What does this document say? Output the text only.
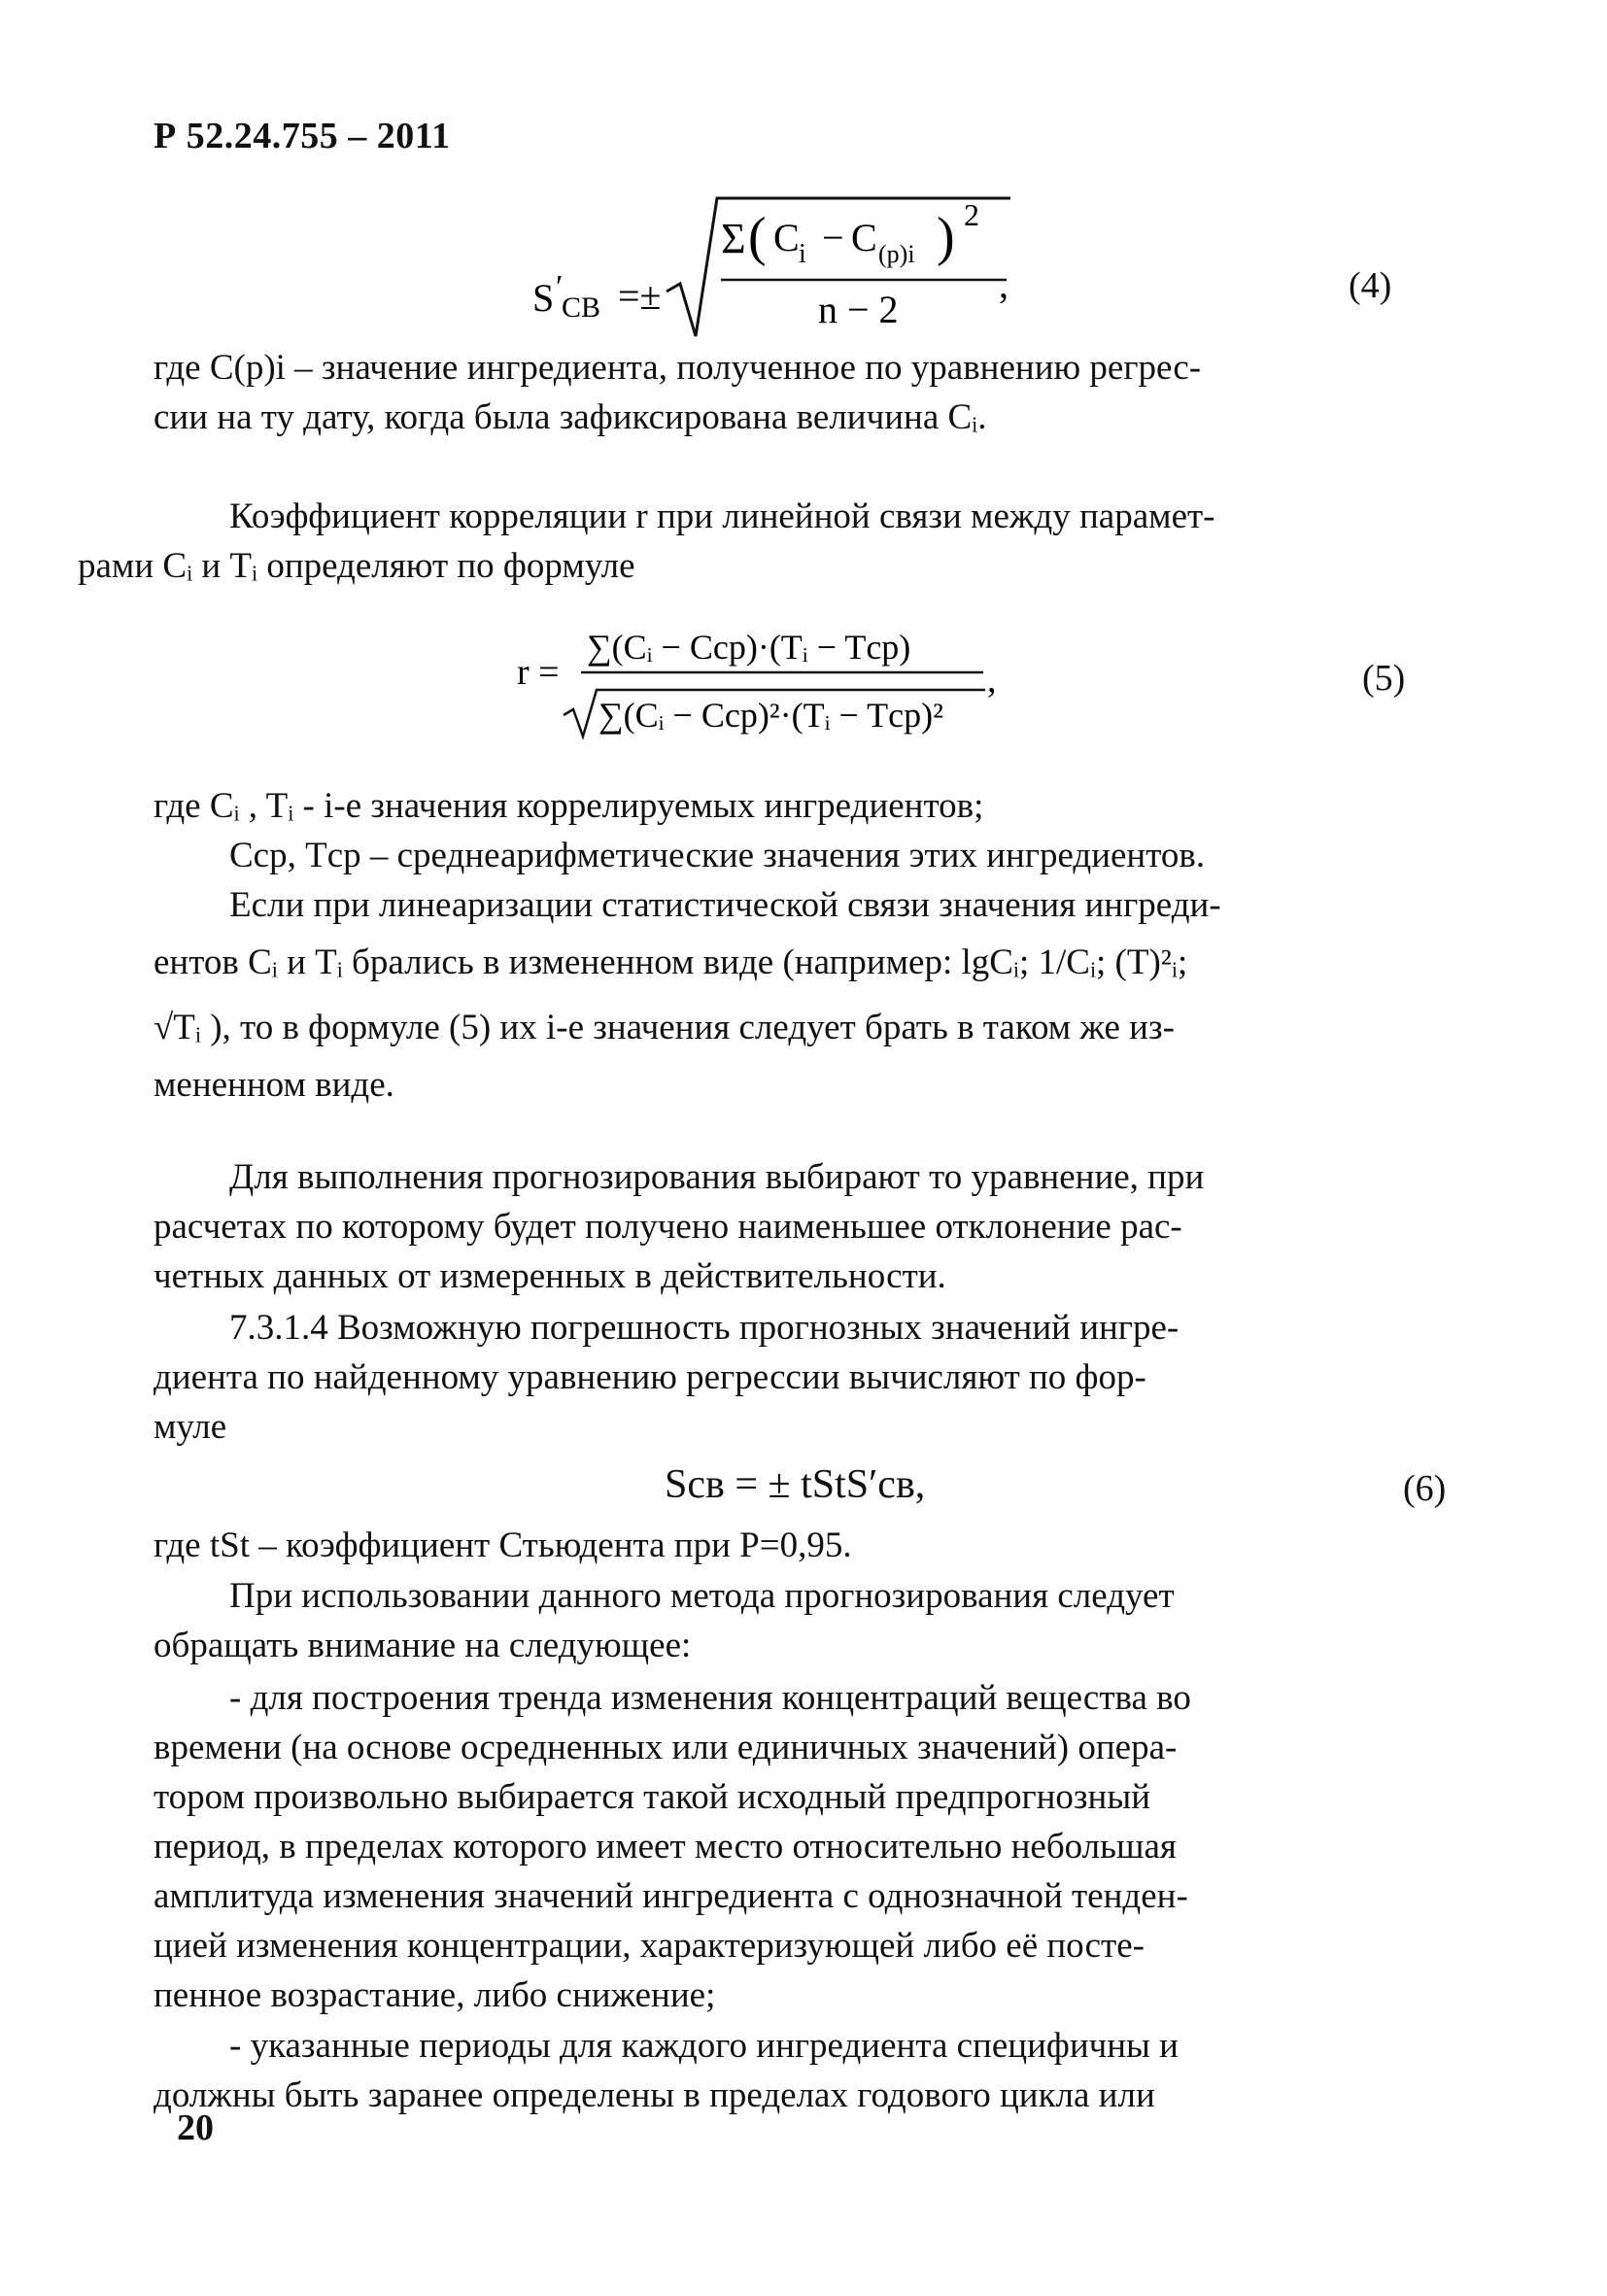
Р 52.24.755 – 2011
S ′
СВ =±
Σ ( C i − C (р)i ) 2
n − 2
,	(4)
где C(р)i – значение ингредиента, полученное по уравнению регрес-
сии на ту дату, когда была зафиксирована величина Cᵢ.
Коэффициент корреляции r при линейной связи между парамет-
рами Cᵢ и Tᵢ определяют по формуле
r =
∑(Cᵢ − Cср)·(Tᵢ − Tср)
∑(Cᵢ − Cср)²·(Tᵢ − Tср)²
,	(5)
где Cᵢ , Tᵢ - i-е значения коррелируемых ингредиентов;
Cср, Tср – среднеарифметические значения этих ингредиентов.
Если при линеаризации статистической связи значения ингреди-
ентов Cᵢ и Tᵢ брались в измененном виде (например: lgCᵢ; 1/Cᵢ; (T)²ᵢ;
√Tᵢ ), то в формуле (5) их i-е значения следует брать в таком же из-
мененном виде.
Для выполнения прогнозирования выбирают то уравнение, при
расчетах по которому будет получено наименьшее отклонение рас-
четных данных от измеренных в действительности.
7.3.1.4 Возможную погрешность прогнозных значений ингре-
диента по найденному уравнению регрессии вычисляют по фор-
муле
Sсв = ± tStS′св,	(6)
где tSt – коэффициент Стьюдента при P=0,95.
При использовании данного метода прогнозирования следует
обращать внимание на следующее:
- для построения тренда изменения концентраций вещества во
времени (на основе осредненных или единичных значений) опера-
тором произвольно выбирается такой исходный предпрогнозный
период, в пределах которого имеет место относительно небольшая
амплитуда изменения значений ингредиента с однозначной тенден-
цией изменения концентрации, характеризующей либо её посте-
пенное возрастание, либо снижение;
- указанные периоды для каждого ингредиента специфичны и
должны быть заранее определены в пределах годового цикла или
20
